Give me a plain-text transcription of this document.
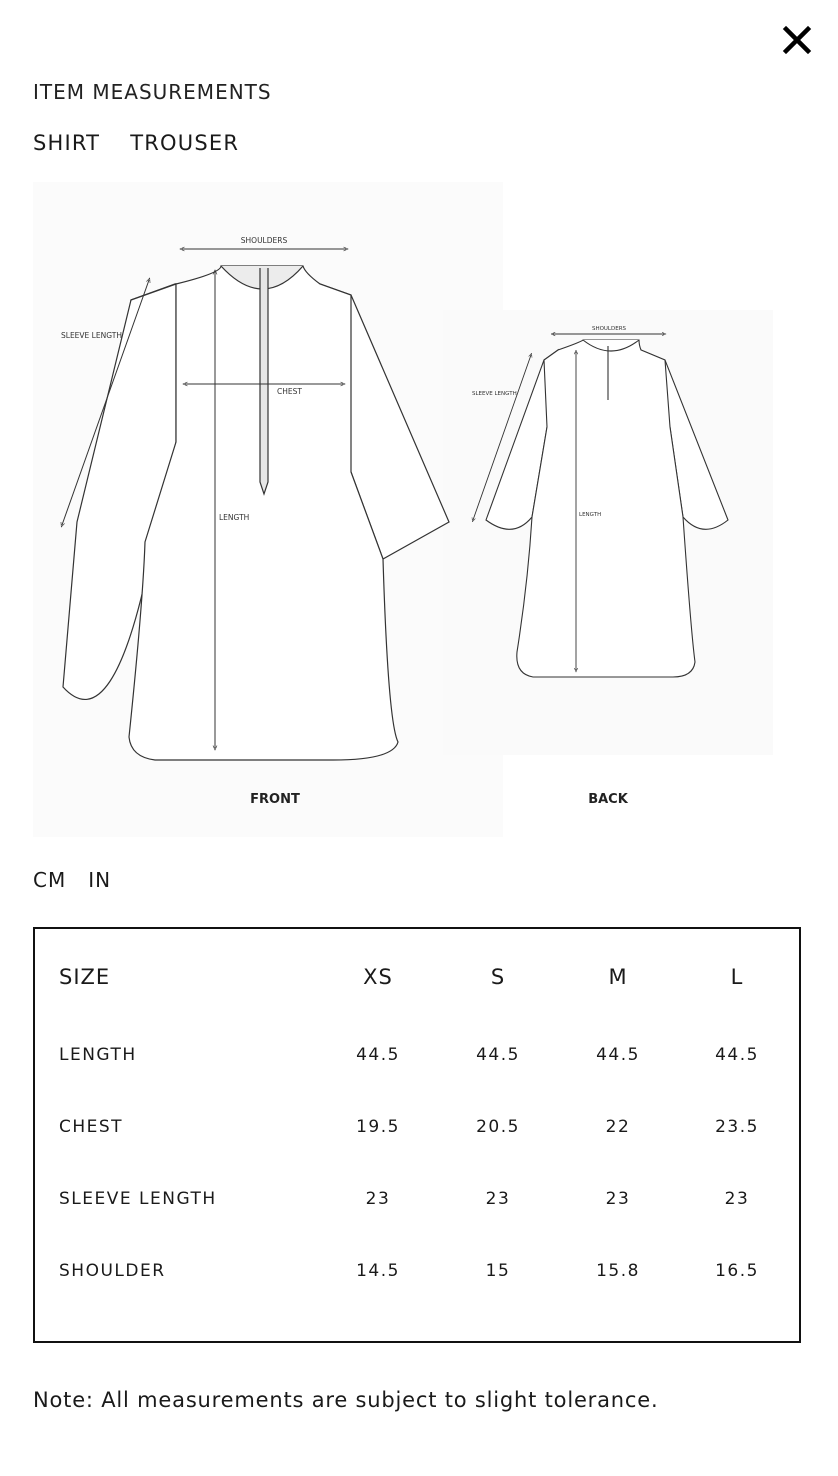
ITEM MEASUREMENTS
SHIRT TROUSER
SHOULDERS
CHEST
LENGTH
SLEEVE LENGTH
FRONT
SHOULDERS
LENGTH
SLEEVE LENGTH
BACK
CM IN
SIZE	XS	S	M	L
LENGTH	44.5	44.5	44.5	44.5
CHEST	19.5	20.5	22	23.5
SLEEVE LENGTH	23	23	23	23
SHOULDER	14.5	15	15.8	16.5
Note: All measurements are subject to slight tolerance.
